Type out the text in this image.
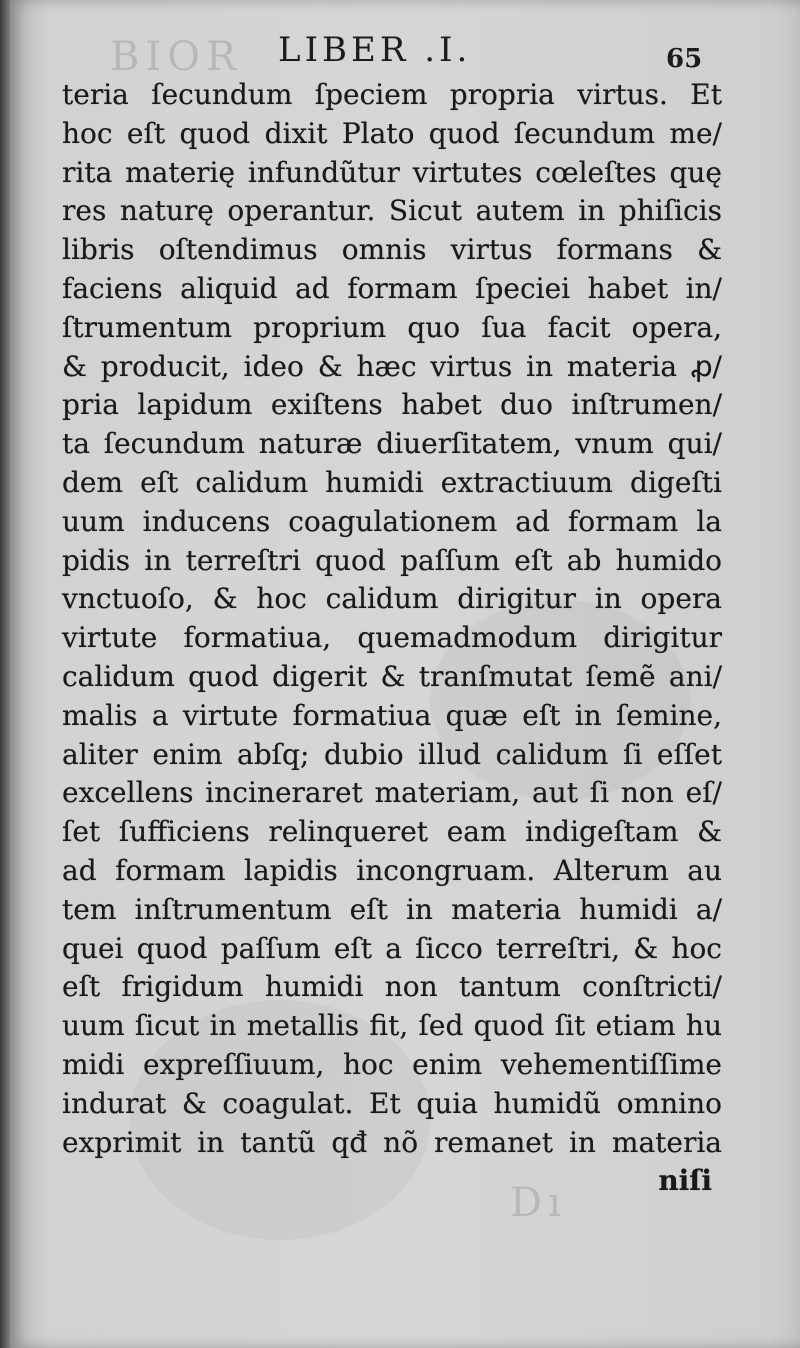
BIOR
Dı
LIBER .I.	65
teria ſecundum ſpeciem propria virtus. Et
hoc eſt quod dixit Plato quod ſecundum me/
rita materię infundũtur virtutes cœleſtes quę
res naturę operantur. Sicut autem in phiſicis
libris oſtendimus omnis virtus formans &
faciens aliquid ad formam ſpeciei habet in/
ſtrumentum proprium quo ſua facit opera,
& producit, ideo & hæc virtus in materia ꝓ/
pria lapidum exiſtens habet duo inſtrumen/
ta ſecundum naturæ diuerſitatem, vnum qui/
dem eſt calidum humidi extractiuum digeſti
uum inducens coagulationem ad formam la
pidis in terreſtri quod paſſum eſt ab humido
vnctuoſo, & hoc calidum dirigitur in opera
virtute formatiua, quemadmodum dirigitur
calidum quod digerit & tranſmutat ſemẽ ani/
malis a virtute formatiua quæ eſt in ſemine,
aliter enim abſq; dubio illud calidum ſi eſſet
excellens incineraret materiam, aut ſi non eſ/
ſet ſufficiens relinqueret eam indigeſtam &
ad formam lapidis incongruam. Alterum au
tem inſtrumentum eſt in materia humidi a/
quei quod paſſum eſt a ſicco terreſtri, & hoc
eſt frigidum humidi non tantum conſtricti/
uum ſicut in metallis fit, ſed quod ſit etiam hu
midi expreſſiuum, hoc enim vehementiſſime
indurat & coagulat. Et quia humidũ omnino
exprimit in tantũ qđ nõ remanet in materia
niſi
